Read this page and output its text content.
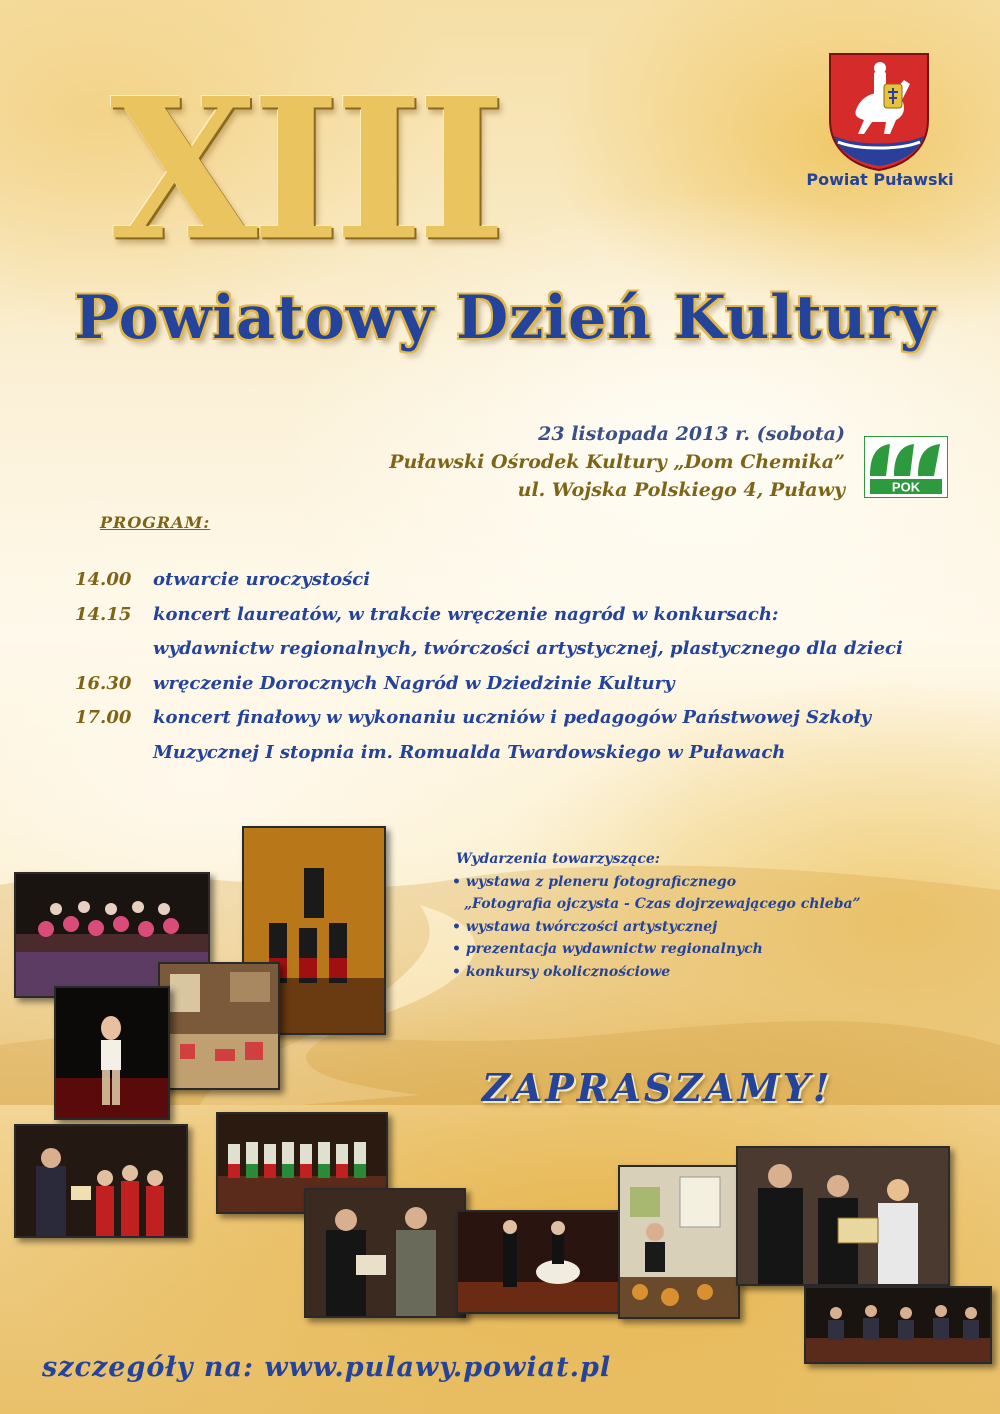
XIII
Powiatowy Dzień Kultury
Powiat Puławski
23 listopada 2013 r. (sobota)
Puławski Ośrodek Kultury „Dom Chemika”
ul. Wojska Polskiego 4, Puławy	POK
PROGRAM:
14.00	otwarcie uroczystości
14.15	koncert laureatów, w trakcie wręczenie nagród w konkursach:
wydawnictw regionalnych, twórczości artystycznej, plastycznego dla dzieci
16.30	wręczenie Dorocznych Nagród w Dziedzinie Kultury
17.00	koncert finałowy w wykonaniu uczniów i pedagogów Państwowej Szkoły
Muzycznej I stopnia im. Romualda Twardowskiego w Puławach
Wydarzenia towarzyszące:
• wystawa z pleneru fotograficznego
„Fotografia ojczysta - Czas dojrzewającego chleba”
• wystawa twórczości artystycznej
• prezentacja wydawnictw regionalnych
• konkursy okolicznościowe
ZAPRASZAMY!
szczegóły na: www.pulawy.powiat.pl
